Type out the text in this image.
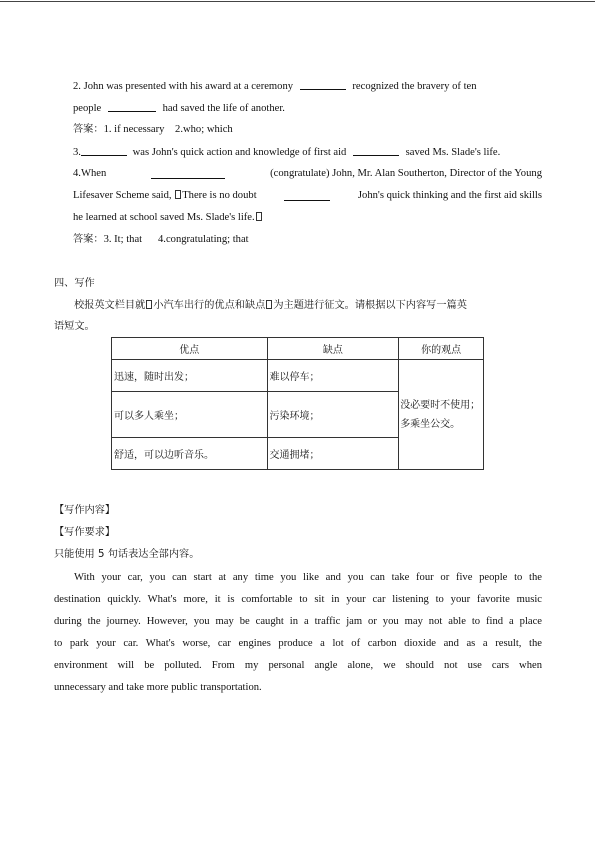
2. John was presented with his award at a ceremony	recognized the bravery of ten
people	had saved the life of another.
答案：1. if necessary    2.who; which
3.	was John's quick action and knowledge of first aid	saved Ms. Slade's life.
4.When	(congratulate) John, Mr. Alan Southerton, Director of the Young
Lifesaver Scheme said, There is no doubt	John's quick thinking and the first aid skills
he learned at school saved Ms. Slade's life.
答案：3. It; that      4.congratulating; that
四、写作
校报英文栏目就 小汽车出行的优点和缺点 为主题进行征文。请根据以下内容写一篇英
语短文。
优点	缺点	你的观点
迅速，随时出发；	难以停车；	没必要时不使用；
多乘坐公交。
可以多人乘坐；	污染环境；	
舒适，可以边听音乐。	交通拥堵；	
【写作内容】
【写作要求】
只能使用 5 句话表达全部内容。
With your car, you can start at any time you like and you can take four or five people to the
destination quickly. What's more, it is comfortable to sit in your car listening to your favorite music
during the journey. However, you may be caught in a traffic jam or you may not able to find a place
to park your car. What's worse, car engines produce a lot of carbon dioxide and as a result, the
environment will be polluted. From my personal angle alone, we should not use cars when
unnecessary and take more public transportation.
